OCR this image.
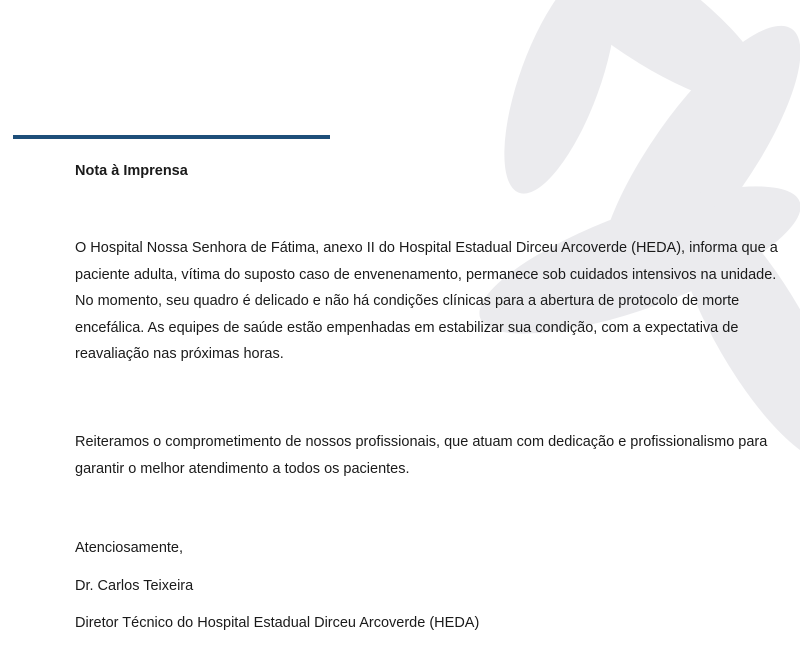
Nota à Imprensa

O Hospital Nossa Senhora de Fátima, anexo II do Hospital Estadual Dirceu Arcoverde (HEDA), informa que a paciente adulta, vítima do suposto caso de envenenamento, permanece sob cuidados intensivos na unidade. No momento, seu quadro é delicado e não há condições clínicas para a abertura de protocolo de morte encefálica. As equipes de saúde estão empenhadas em estabilizar sua condição, com a expectativa de reavaliação nas próximas horas.

Reiteramos o comprometimento de nossos profissionais, que atuam com dedicação e profissionalismo para garantir o melhor atendimento a todos os pacientes.

Atenciosamente,

Dr. Carlos Teixeira

Diretor Técnico do Hospital Estadual Dirceu Arcoverde (HEDA)
